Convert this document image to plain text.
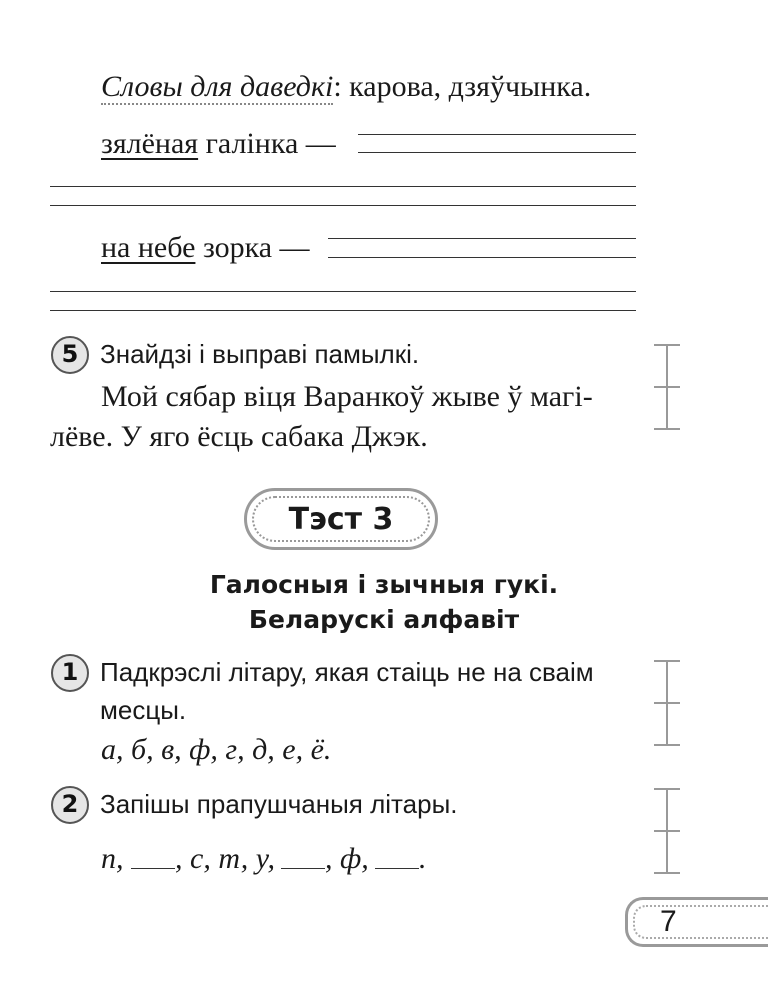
Словы для даведкі: карова, дзяўчынка.
зялёная галінка —
на небе зорка —
5 Знайдзі і выправі памылкі.
Мой сябар віця Варанкоў жыве ў магі-
лёве. У яго ёсць сабака Джэк.
Тэст 3
Галосныя і зычныя гукі.
Беларускі алфавіт
1 Падкрэслі літару, якая стаіць не на сваім
месцы.
а, б, в, ф, г, д, е, ё.
2 Запішы прапушчаныя літары.
п, , с, т, у, , ф, .
7
